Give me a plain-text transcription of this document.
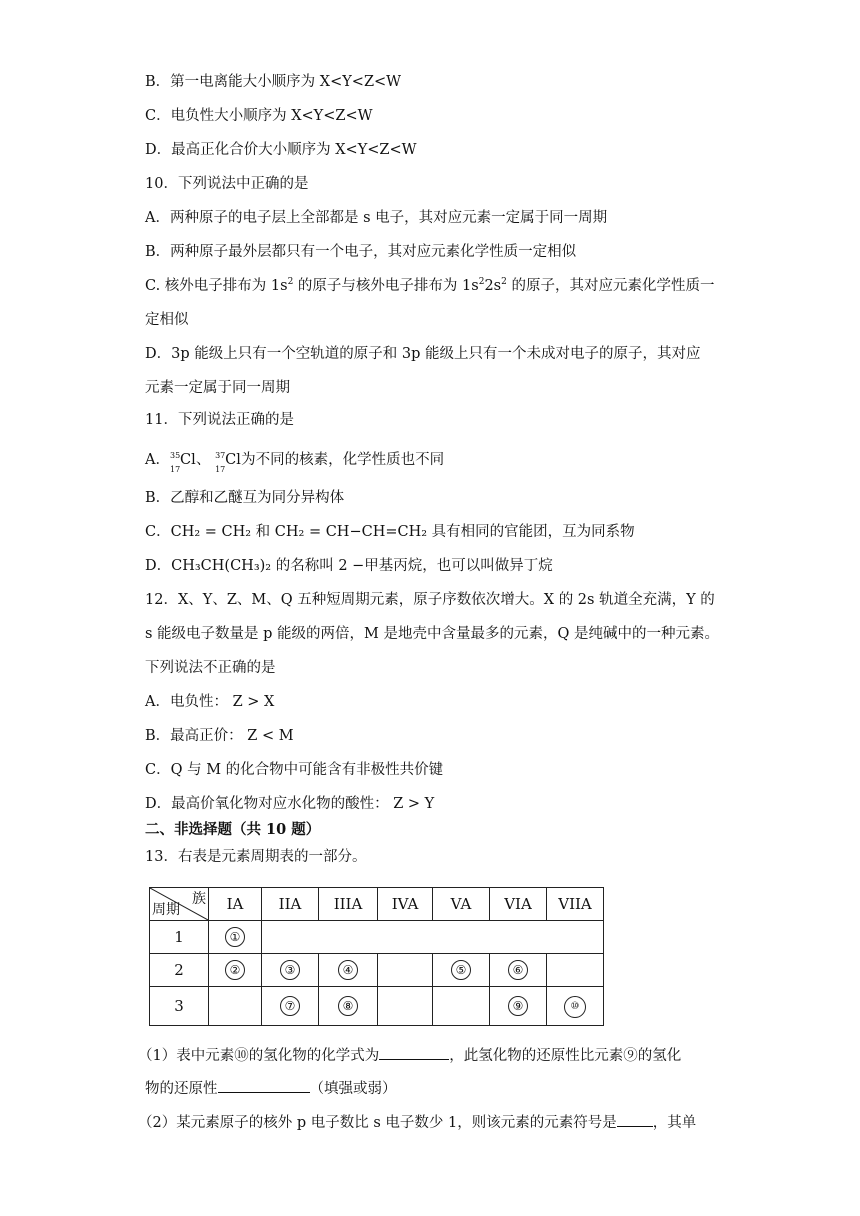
B．第一电离能大小顺序为 X<Y<Z<W
C．电负性大小顺序为 X<Y<Z<W
D．最高正化合价大小顺序为 X<Y<Z<W
10．下列说法中正确的是
A．两种原子的电子层上全部都是 s 电子，其对应元素一定属于同一周期
B．两种原子最外层都只有一个电子，其对应元素化学性质一定相似
C. 核外电子排布为 $1s^2$ 的原子与核外电子排布为 $1s^22s^2$ 的原子，其对应元素化学性质一
定相似
D．3p 能级上只有一个空轨道的原子和 3p 能级上只有一个未成对电子的原子，其对应
元素一定属于同一周期
11．下列说法正确的是
A． 35
17
Cl 、 37
17
Cl 为不同的核素，化学性质也不同
B．乙醇和乙醚互为同分异构体
C．CH₂ = CH₂ 和 CH₂ = CH−CH=CH₂ 具有相同的官能团，互为同系物
D．CH₃CH(CH₃)₂ 的名称叫 2 −甲基丙烷，也可以叫做异丁烷
12．X、Y、Z、M、Q 五种短周期元素，原子序数依次增大。X 的 2s 轨道全充满，Y 的
s 能级电子数量是 p 能级的两倍，M 是地壳中含量最多的元素，Q 是纯碱中的一种元素。
下列说法不正确的是
A．电负性： Z > X
B．最高正价： Z < M
C．Q 与 M 的化合物中可能含有非极性共价键
D．最高价氧化物对应水化物的酸性： Z > Y
二、非选择题（共 10 题）
13．右表是元素周期表的一部分。
族
周期	IA	IIA	IIIA	IVA	VA	VIA	VIIA
1	①						
2	②	③	④		⑤	⑥	
3		⑦	⑧			⑨	⑩
（1）表中元素⑩的氢化物的化学式为	，此氢化物的还原性比元素⑨的氢化
物的还原性	（填强或弱）
（2）某元素原子的核外 p 电子数比 s 电子数少 1，则该元素的元素符号是 ，其单
